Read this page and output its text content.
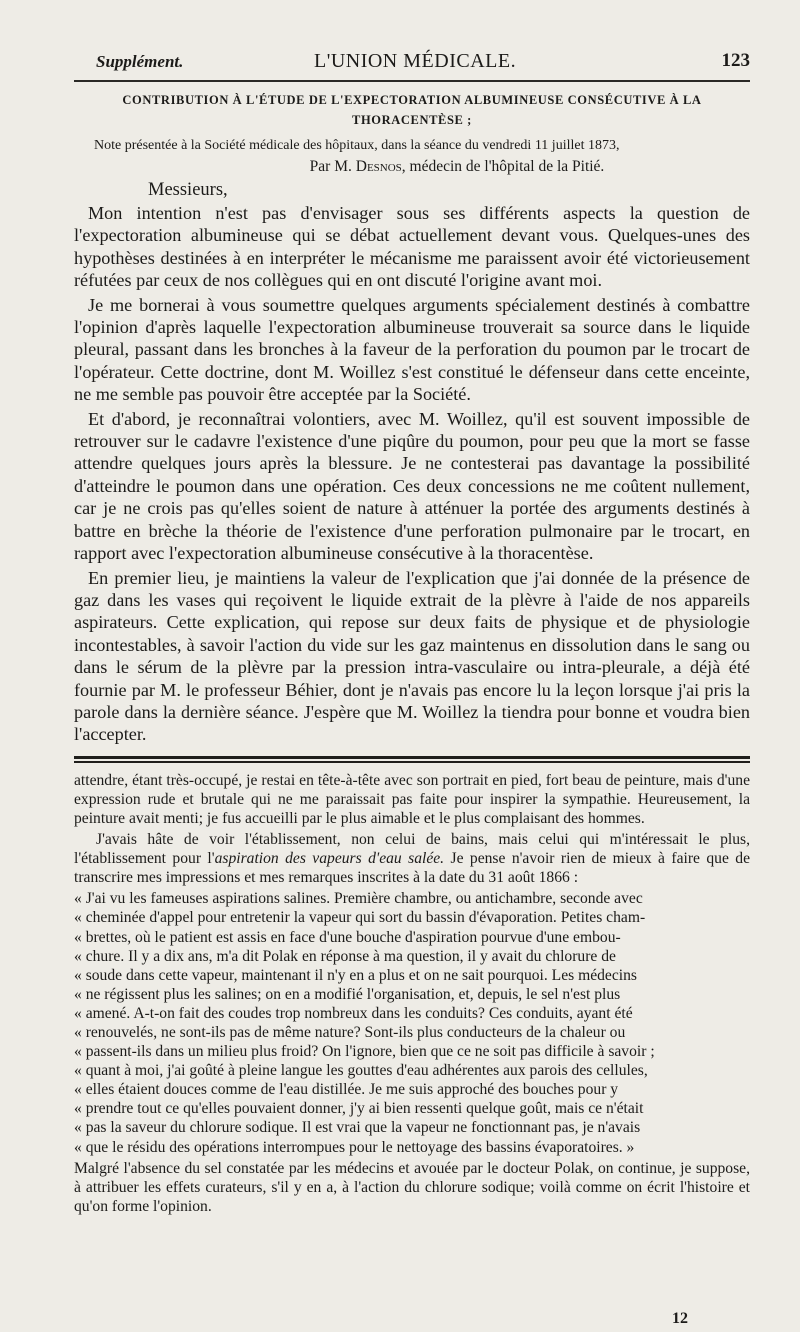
Supplément.	L'UNION MÉDICALE.	123
CONTRIBUTION À L'ÉTUDE DE L'EXPECTORATION ALBUMINEUSE CONSÉCUTIVE À LA THORACENTÈSE ;
Note présentée à la Société médicale des hôpitaux, dans la séance du vendredi 11 juillet 1873,
Par M. Desnos, médecin de l'hôpital de la Pitié.
Messieurs,

Mon intention n'est pas d'envisager sous ses différents aspects la question de l'expectoration albumineuse qui se débat actuellement devant vous. Quelques-unes des hypothèses destinées à en interpréter le mécanisme me paraissent avoir été victorieusement réfutées par ceux de nos collègues qui en ont discuté l'origine avant moi.

Je me bornerai à vous soumettre quelques arguments spécialement destinés à combattre l'opinion d'après laquelle l'expectoration albumineuse trouverait sa source dans le liquide pleural, passant dans les bronches à la faveur de la perforation du poumon par le trocart de l'opérateur. Cette doctrine, dont M. Woillez s'est constitué le défenseur dans cette enceinte, ne me semble pas pouvoir être acceptée par la Société.

Et d'abord, je reconnaîtrai volontiers, avec M. Woillez, qu'il est souvent impossible de retrouver sur le cadavre l'existence d'une piqûre du poumon, pour peu que la mort se fasse attendre quelques jours après la blessure. Je ne contesterai pas davantage la possibilité d'atteindre le poumon dans une opération. Ces deux concessions ne me coûtent nullement, car je ne crois pas qu'elles soient de nature à atténuer la portée des arguments destinés à battre en brèche la théorie de l'existence d'une perforation pulmonaire par le trocart, en rapport avec l'expectoration albumineuse consécutive à la thoracentèse.

En premier lieu, je maintiens la valeur de l'explication que j'ai donnée de la présence de gaz dans les vases qui reçoivent le liquide extrait de la plèvre à l'aide de nos appareils aspirateurs. Cette explication, qui repose sur deux faits de physique et de physiologie incontestables, à savoir l'action du vide sur les gaz maintenus en dissolution dans le sang ou dans le sérum de la plèvre par la pression intra-vasculaire ou intra-pleurale, a déjà été fournie par M. le professeur Béhier, dont je n'avais pas encore lu la leçon lorsque j'ai pris la parole dans la dernière séance. J'espère que M. Woillez la tiendra pour bonne et voudra bien l'accepter.

attendre, étant très-occupé, je restai en tête-à-tête avec son portrait en pied, fort beau de peinture, mais d'une expression rude et brutale qui ne me paraissait pas faite pour inspirer la sympathie. Heureusement, la peinture avait menti; je fus accueilli par le plus aimable et le plus complaisant des hommes.

J'avais hâte de voir l'établissement, non celui de bains, mais celui qui m'intéressait le plus, l'établissement pour l'aspiration des vapeurs d'eau salée. Je pense n'avoir rien de mieux à faire que de transcrire mes impressions et mes remarques inscrites à la date du 31 août 1866 :

« J'ai vu les fameuses aspirations salines. Première chambre, ou antichambre, seconde avec
« cheminée d'appel pour entretenir la vapeur qui sort du bassin d'évaporation. Petites cham-
« brettes, où le patient est assis en face d'une bouche d'aspiration pourvue d'une embou-
« chure. Il y a dix ans, m'a dit Polak en réponse à ma question, il y avait du chlorure de
« soude dans cette vapeur, maintenant il n'y en a plus et on ne sait pourquoi. Les médecins
« ne régissent plus les salines; on en a modifié l'organisation, et, depuis, le sel n'est plus
« amené. A-t-on fait des coudes trop nombreux dans les conduits? Ces conduits, ayant été
« renouvelés, ne sont-ils pas de même nature? Sont-ils plus conducteurs de la chaleur ou
« passent-ils dans un milieu plus froid? On l'ignore, bien que ce ne soit pas difficile à savoir ;
« quant à moi, j'ai goûté à pleine langue les gouttes d'eau adhérentes aux parois des cellules,
« elles étaient douces comme de l'eau distillée. Je me suis approché des bouches pour y
« prendre tout ce qu'elles pouvaient donner, j'y ai bien ressenti quelque goût, mais ce n'était
« pas la saveur du chlorure sodique. Il est vrai que la vapeur ne fonctionnant pas, je n'avais
« que le résidu des opérations interrompues pour le nettoyage des bassins évaporatoires. »

Malgré l'absence du sel constatée par les médecins et avouée par le docteur Polak, on continue, je suppose, à attribuer les effets curateurs, s'il y en a, à l'action du chlorure sodique; voilà comme on écrit l'histoire et qu'on forme l'opinion.

12
